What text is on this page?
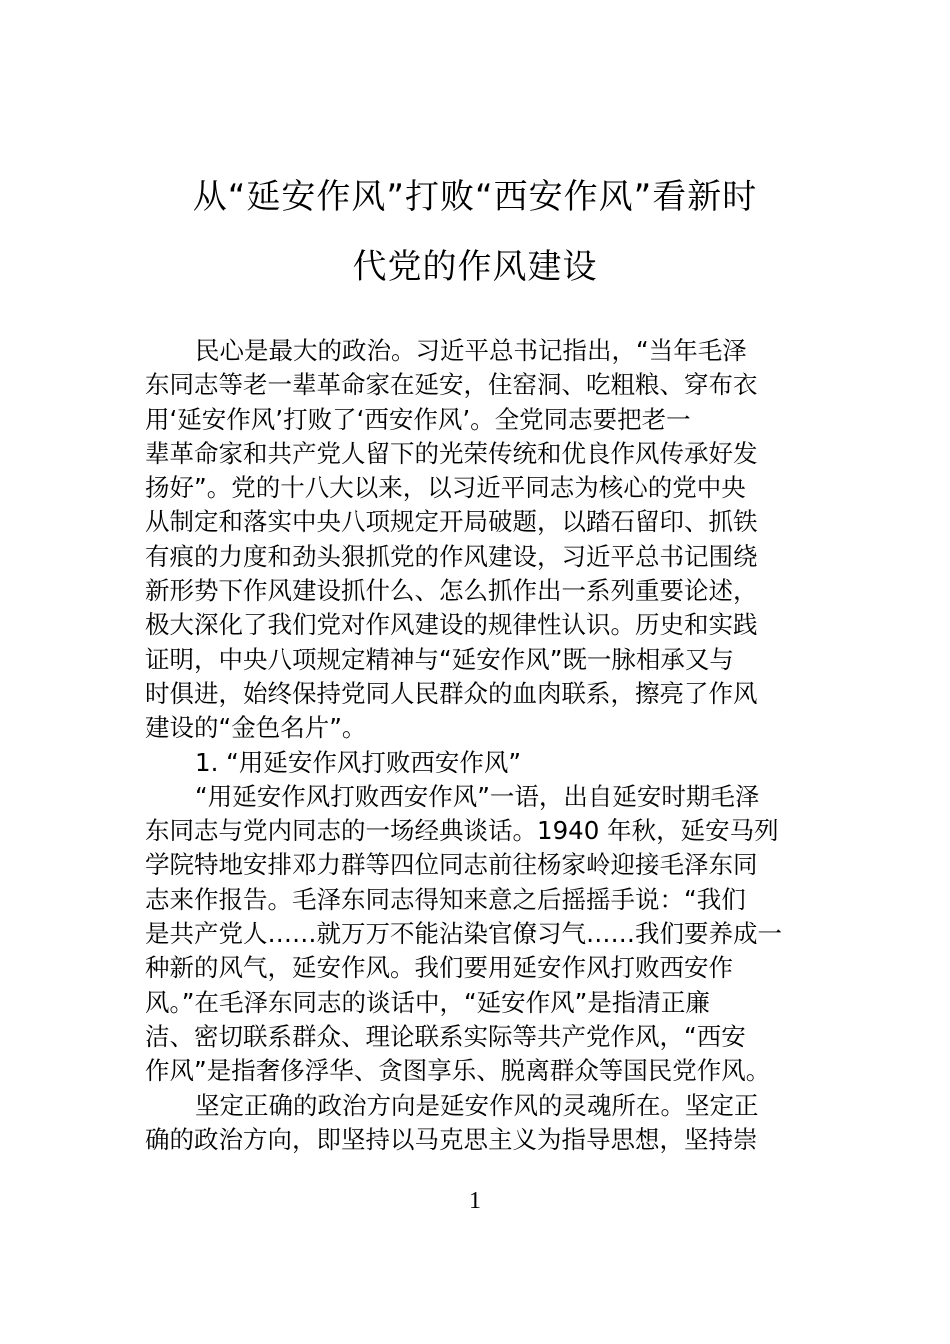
从“延安作风”打败“西安作风”看新时
代党的作风建设
民心是最大的政治。习近平总书记指出，“当年毛泽
东同志等老一辈革命家在延安，住窑洞、吃粗粮、穿布衣
用‘延安作风’打败了‘西安作风’。全党同志要把老一
辈革命家和共产党人留下的光荣传统和优良作风传承好发
扬好”。党的十八大以来，以习近平同志为核心的党中央
从制定和落实中央八项规定开局破题，以踏石留印、抓铁
有痕的力度和劲头狠抓党的作风建设，习近平总书记围绕
新形势下作风建设抓什么、怎么抓作出一系列重要论述，
极大深化了我们党对作风建设的规律性认识。历史和实践
证明，中央八项规定精神与“延安作风”既一脉相承又与
时俱进，始终保持党同人民群众的血肉联系，擦亮了作风
建设的“金色名片”。
1. “用延安作风打败西安作风”
“用延安作风打败西安作风”一语，出自延安时期毛泽
东同志与党内同志的一场经典谈话。1940 年秋，延安马列
学院特地安排邓力群等四位同志前往杨家岭迎接毛泽东同
志来作报告。毛泽东同志得知来意之后摇摇手说：“我们
是共产党人……就万万不能沾染官僚习气……我们要养成一
种新的风气，延安作风。我们要用延安作风打败西安作
风。”在毛泽东同志的谈话中，“延安作风”是指清正廉
洁、密切联系群众、理论联系实际等共产党作风，“西安
作风”是指奢侈浮华、贪图享乐、脱离群众等国民党作风。
坚定正确的政治方向是延安作风的灵魂所在。坚定正
确的政治方向，即坚持以马克思主义为指导思想，坚持崇
1
